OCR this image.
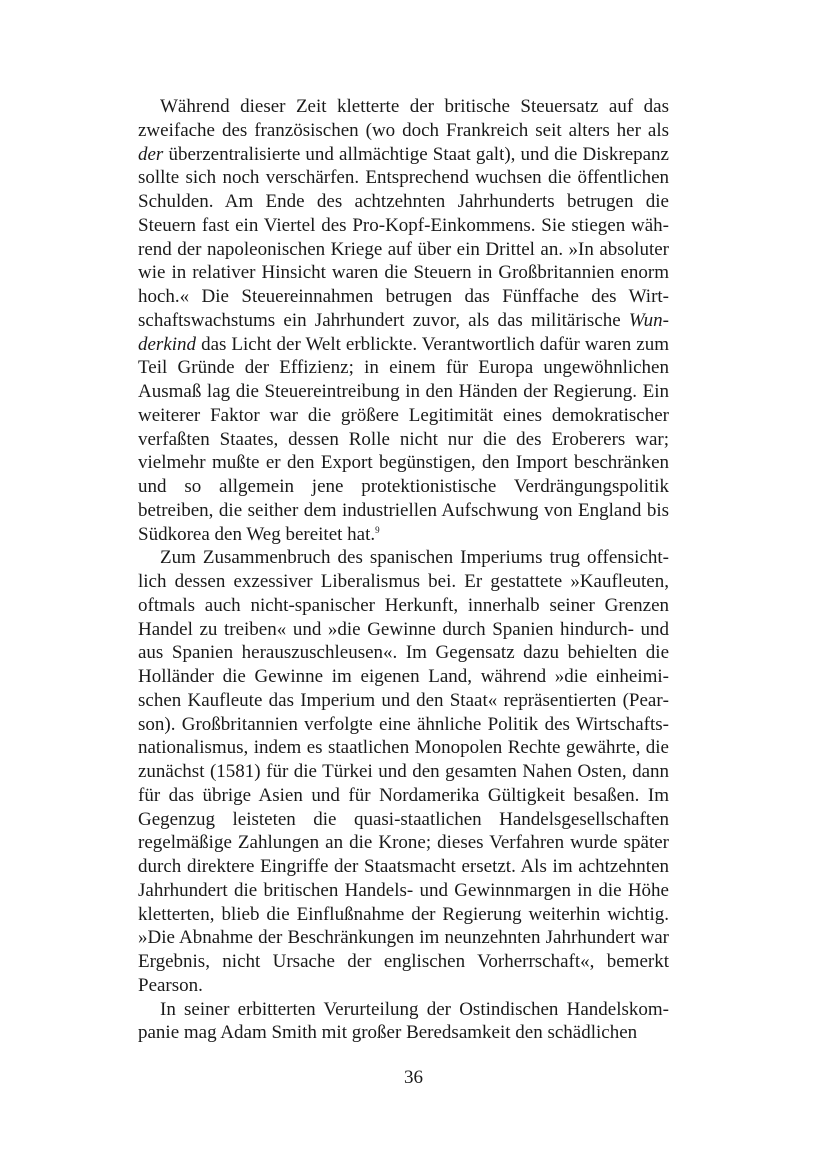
Während dieser Zeit kletterte der britische Steuersatz auf das zweifache des französischen (wo doch Frankreich seit alters her als der überzentralisierte und allmächtige Staat galt), und die Diskrepanz sollte sich noch verschärfen. Entsprechend wuchsen die öffentlichen Schulden. Am Ende des achtzehnten Jahrhunderts betrugen die Steuern fast ein Viertel des Pro-Kopf-Einkommens. Sie stiegen während der napoleonischen Kriege auf über ein Drittel an. »In absoluter wie in relativer Hinsicht waren die Steuern in Großbritannien enorm hoch.« Die Steuereinnahmen betrugen das Fünffache des Wirtschaftswachstums ein Jahrhundert zuvor, als das militärische Wunderkind das Licht der Welt erblickte. Verantwortlich dafür waren zum Teil Gründe der Effizienz; in einem für Europa ungewöhnlichen Ausmaß lag die Steuereintreibung in den Händen der Regierung. Ein weiterer Faktor war die größere Legitimität eines demokratischer verfaßten Staates, dessen Rolle nicht nur die des Eroberers war; vielmehr mußte er den Export begünstigen, den Import beschränken und so allgemein jene protektionistische Verdrängungspolitik betreiben, die seither dem industriellen Aufschwung von England bis Südkorea den Weg bereitet hat.$^9$

Zum Zusammenbruch des spanischen Imperiums trug offensichtlich dessen exzessiver Liberalismus bei. Er gestattete »Kaufleuten, oftmals auch nicht-spanischer Herkunft, innerhalb seiner Grenzen Handel zu treiben« und »die Gewinne durch Spanien hindurch- und aus Spanien herauszuschleusen«. Im Gegensatz dazu behielten die Holländer die Gewinne im eigenen Land, während »die einheimischen Kaufleute das Imperium und den Staat« repräsentierten (Pearson). Großbritannien verfolgte eine ähnliche Politik des Wirtschaftsnationalismus, indem es staatlichen Monopolen Rechte gewährte, die zunächst (1581) für die Türkei und den gesamten Nahen Osten, dann für das übrige Asien und für Nordamerika Gültigkeit besaßen. Im Gegenzug leisteten die quasi-staatlichen Handelsgesellschaften regelmäßige Zahlungen an die Krone; dieses Verfahren wurde später durch direktere Eingriffe der Staatsmacht ersetzt. Als im achtzehnten Jahrhundert die britischen Handels- und Gewinnmargen in die Höhe kletterten, blieb die Einflußnahme der Regierung weiterhin wichtig. »Die Abnahme der Beschränkungen im neunzehnten Jahrhundert war Ergebnis, nicht Ursache der englischen Vorherrschaft«, bemerkt Pearson.

In seiner erbitterten Verurteilung der Ostindischen Handelskompanie mag Adam Smith mit großer Beredsamkeit den schädlichen

36
